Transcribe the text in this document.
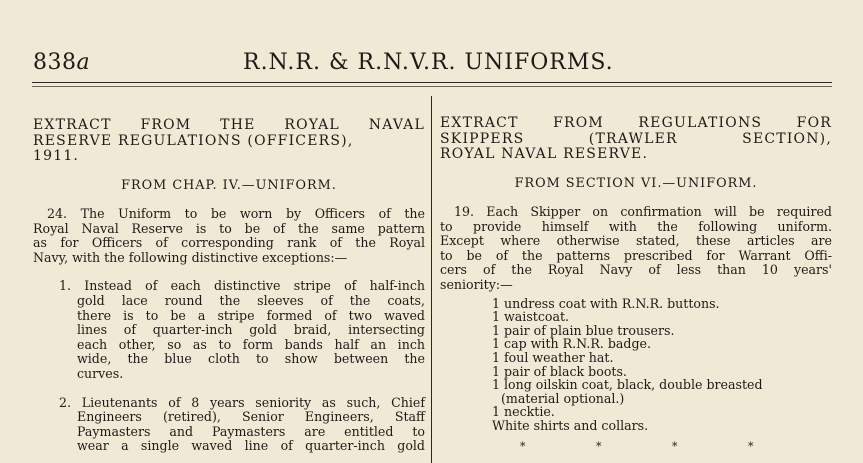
838a	R.N.R. & R.N.V.R. UNIFORMS.

EXTRACT FROM THE ROYAL NAVAL
RESERVE REGULATIONS (OFFICERS),
1911.

FROM CHAP. IV.—UNIFORM.

24. The Uniform to be worn by Officers of the
Royal Naval Reserve is to be of the same pattern
as for Officers of corresponding rank of the Royal
Navy, with the following distinctive exceptions:—
1. Instead of each distinctive stripe of half-inch
gold lace round the sleeves of the coats,
there is to be a stripe formed of two waved
lines of quarter-inch gold braid, intersecting
each other, so as to form bands half an inch
wide, the blue cloth to show between the
curves.
2. Lieutenants of 8 years seniority as such, Chief
Engineers (retired), Senior Engineers, Staff
Paymasters and Paymasters are entitled to
wear a single waved line of quarter-inch gold

EXTRACT FROM REGULATIONS FOR
SKIPPERS (TRAWLER SECTION),
ROYAL NAVAL RESERVE.

FROM SECTION VI.—UNIFORM.

19. Each Skipper on confirmation will be required
to provide himself with the following uniform.
Except where otherwise stated, these articles are
to be of the patterns prescribed for Warrant Offi-
cers of the Royal Navy of less than 10 years'
seniority:—
1 undress coat with R.N.R. buttons.
1 waistcoat.
1 pair of plain blue trousers.
1 cap with R.N.R. badge.
1 foul weather hat.
1 pair of black boots.
1 long oilskin coat, black, double breasted
(material optional.)
1 necktie.
White shirts and collars.
*	*	*	*
